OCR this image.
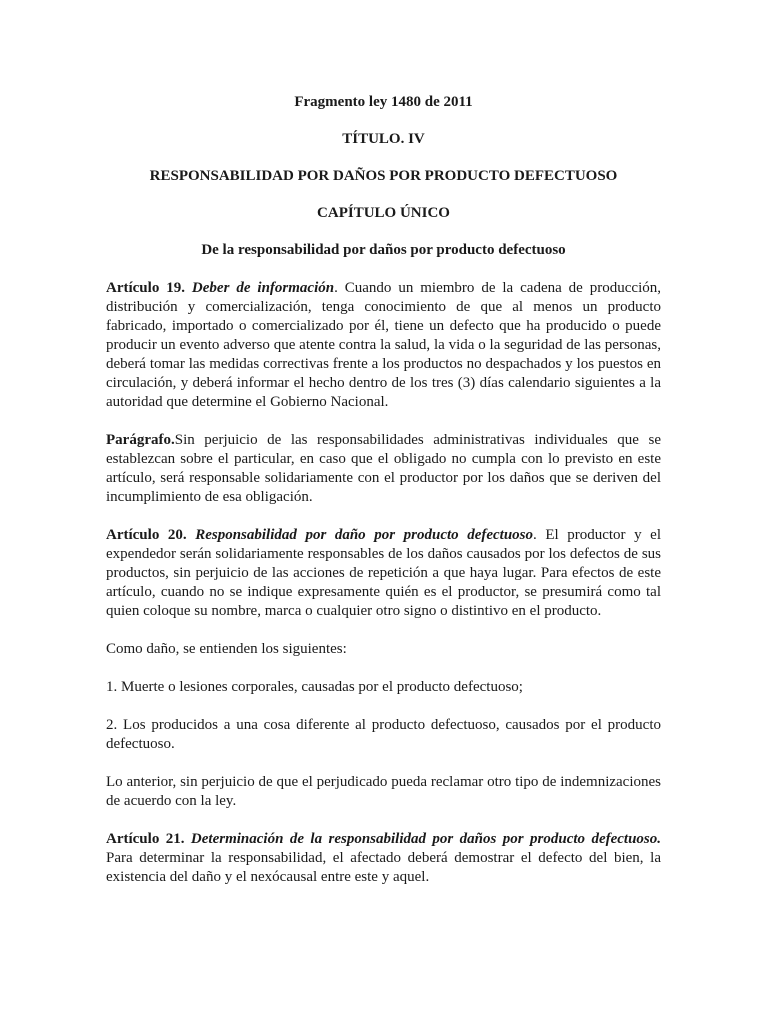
Fragmento ley 1480 de 2011

TÍTULO. IV

RESPONSABILIDAD POR DAÑOS POR PRODUCTO DEFECTUOSO

CAPÍTULO ÚNICO

De la responsabilidad por daños por producto defectuoso

Artículo 19. Deber de información. Cuando un miembro de la cadena de producción, distribución y comercialización, tenga conocimiento de que al menos un producto fabricado, importado o comercializado por él, tiene un defecto que ha producido o puede producir un evento adverso que atente contra la salud, la vida o la seguridad de las personas, deberá tomar las medidas correctivas frente a los productos no despachados y los puestos en circulación, y deberá informar el hecho dentro de los tres (3) días calendario siguientes a la autoridad que determine el Gobierno Nacional.

Parágrafo.Sin perjuicio de las responsabilidades administrativas individuales que se establezcan sobre el particular, en caso que el obligado no cumpla con lo previsto en este artículo, será responsable solidariamente con el productor por los daños que se deriven del incumplimiento de esa obligación.

Artículo 20. Responsabilidad por daño por producto defectuoso. El productor y el expendedor serán solidariamente responsables de los daños causados por los defectos de sus productos, sin perjuicio de las acciones de repetición a que haya lugar. Para efectos de este artículo, cuando no se indique expresamente quién es el productor, se presumirá como tal quien coloque su nombre, marca o cualquier otro signo o distintivo en el producto.

Como daño, se entienden los siguientes:

1. Muerte o lesiones corporales, causadas por el producto defectuoso;

2. Los producidos a una cosa diferente al producto defectuoso, causados por el producto defectuoso.

Lo anterior, sin perjuicio de que el perjudicado pueda reclamar otro tipo de indemnizaciones de acuerdo con la ley.

Artículo 21. Determinación de la responsabilidad por daños por producto defectuoso. Para determinar la responsabilidad, el afectado deberá demostrar el defecto del bien, la existencia del daño y el nexócausal entre este y aquel.
